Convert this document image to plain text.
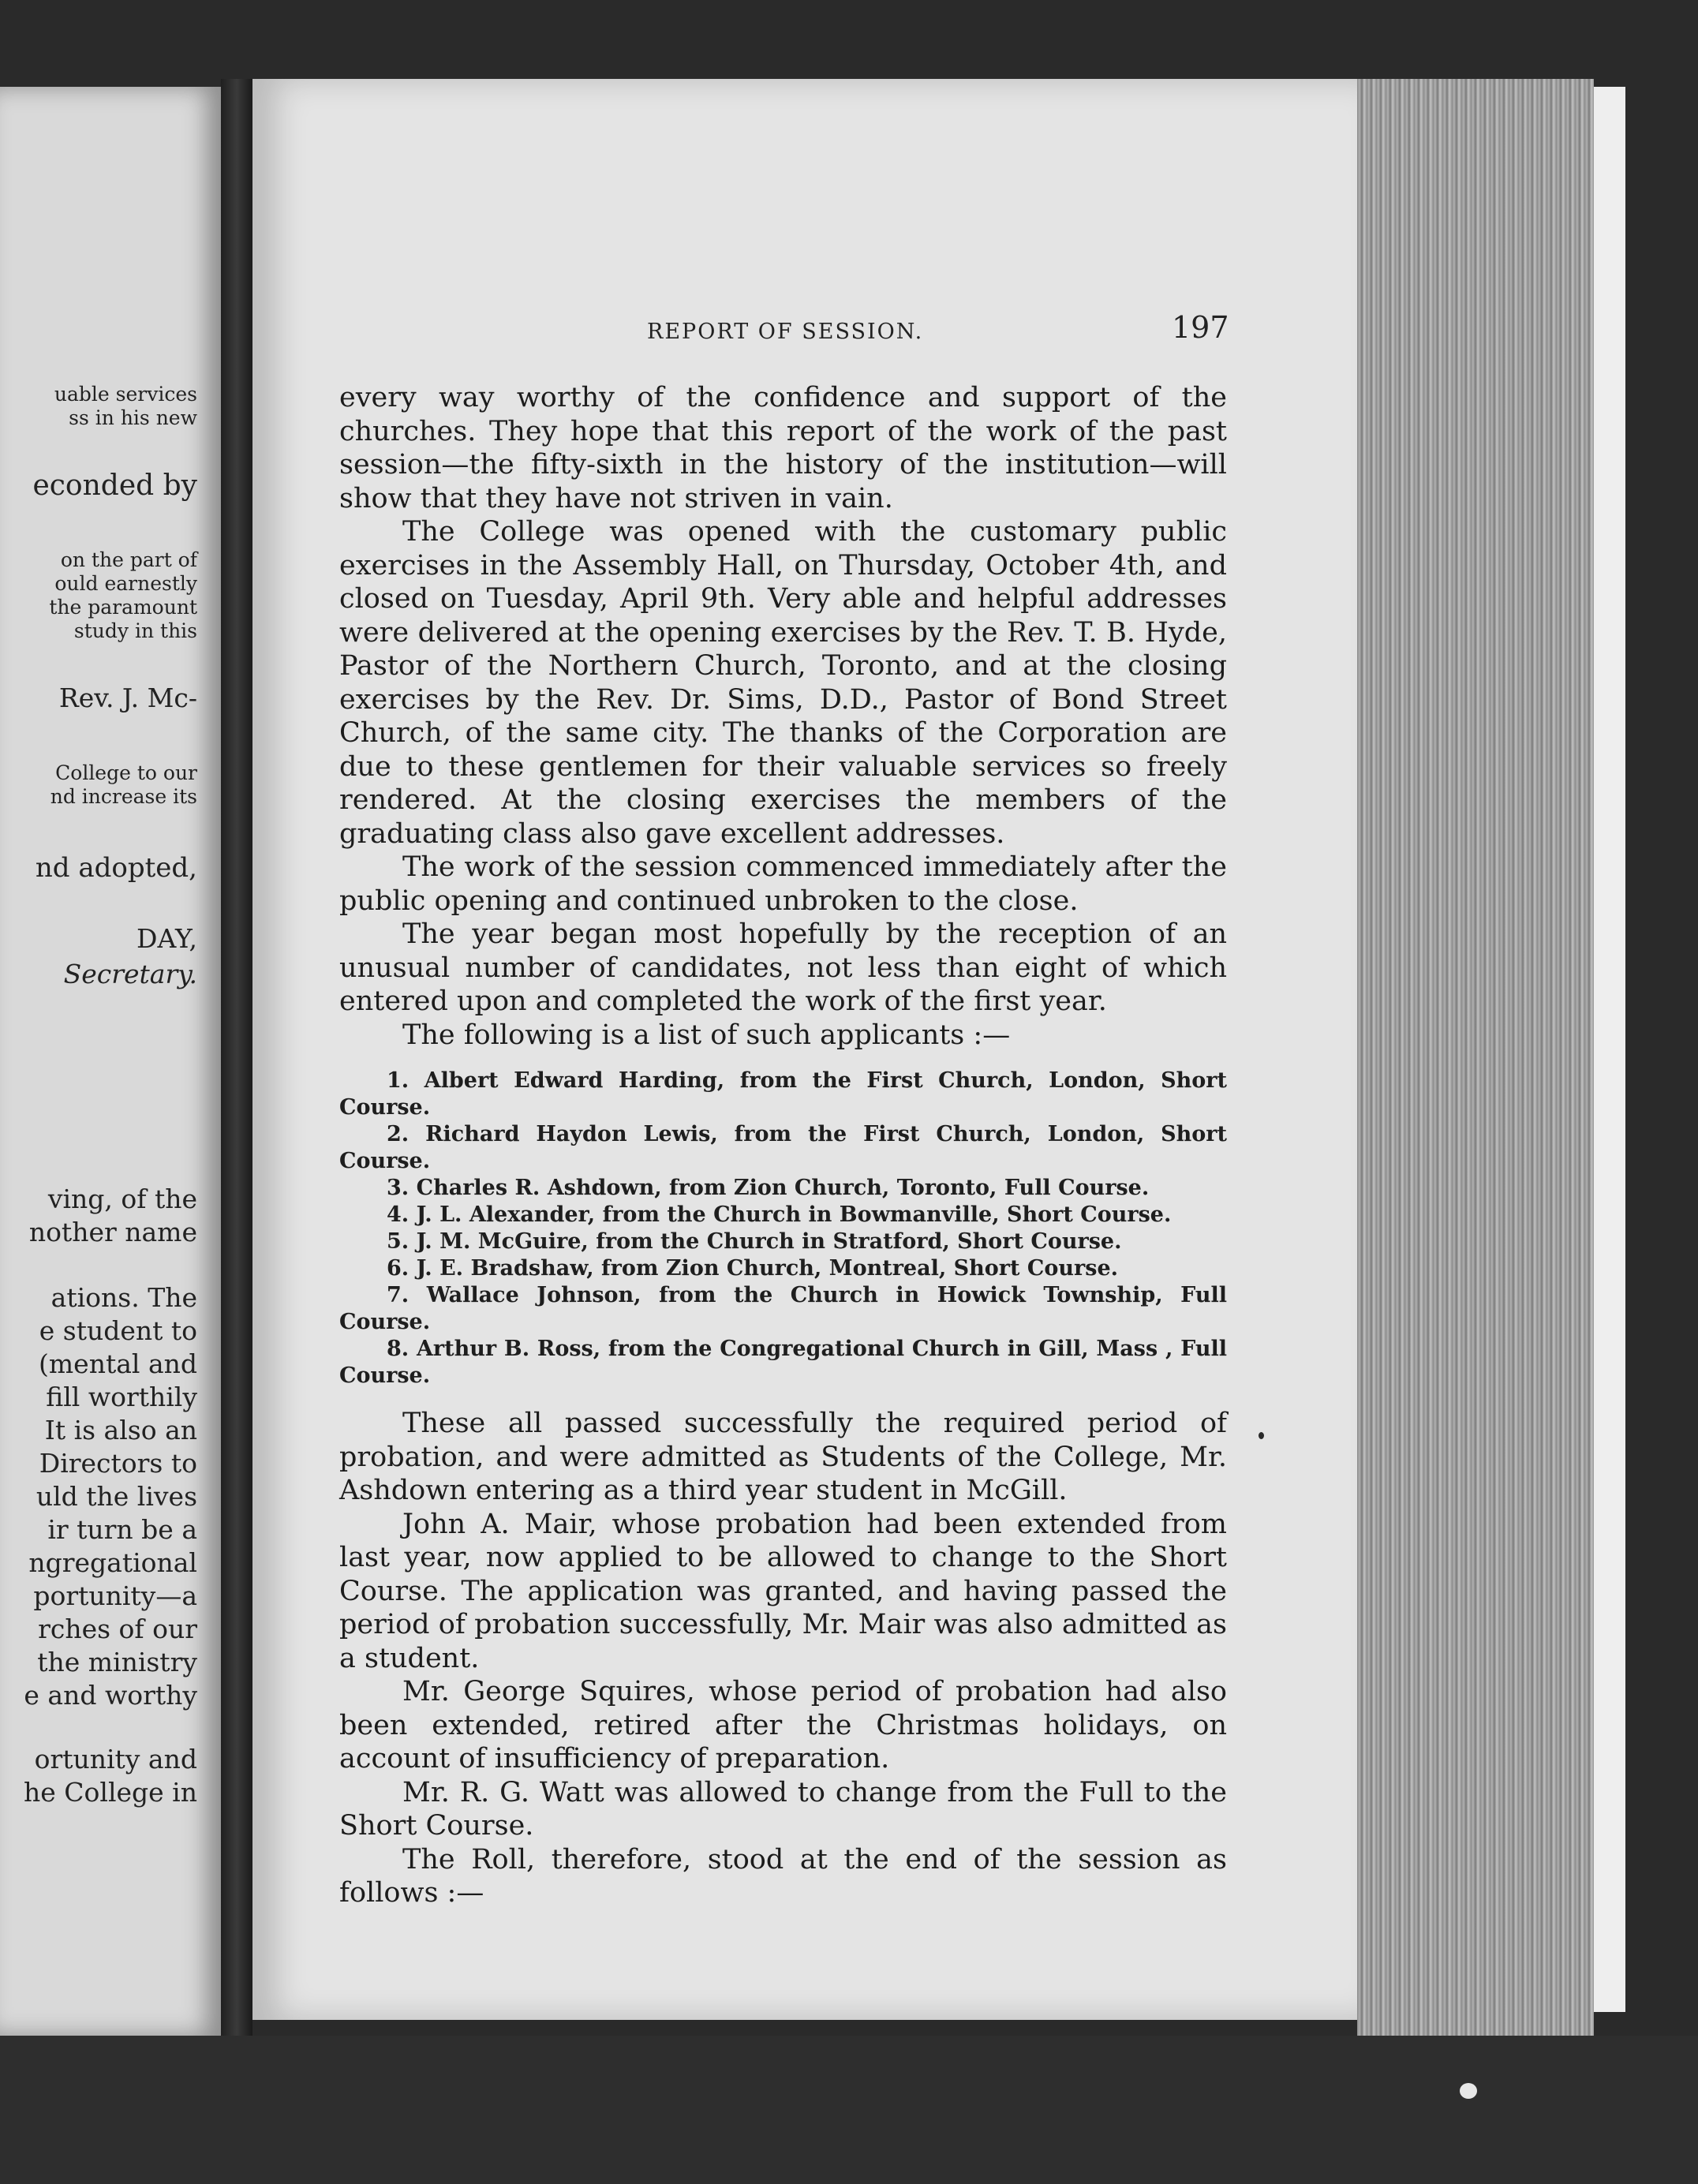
uable services
ss in his new
econded by
on the part of
ould earnestly
the paramount
study in this
Rev. J. Mc-
College to our
nd increase its
nd adopted,
DAY,
Secretary.
ving, of the
nother name
ations. The
e student to
(mental and
fill worthily
It is also an
Directors to
uld the lives
ir turn be a
ngregational
portunity—a
rches of our
the ministry
e and worthy
ortunity and
he College in
REPORT OF SESSION.	197

every way worthy of the confidence and support of the churches. They hope that this report of the work of the past session—the fifty-sixth in the history of the institution—will show that they have not striven in vain.

The College was opened with the customary public exercises in the Assembly Hall, on Thursday, October 4th, and closed on Tuesday, April 9th. Very able and helpful addresses were delivered at the opening exercises by the Rev. T. B. Hyde, Pastor of the Northern Church, Toronto, and at the closing exercises by the Rev. Dr. Sims, D.D., Pastor of Bond Street Church, of the same city. The thanks of the Corporation are due to these gentlemen for their valuable services so freely rendered. At the closing exercises the members of the graduating class also gave excellent addresses.

The work of the session commenced immediately after the public opening and continued unbroken to the close.

The year began most hopefully by the reception of an unusual number of candidates, not less than eight of which entered upon and completed the work of the first year.

The following is a list of such applicants :—

1. Albert Edward Harding, from the First Church, London, Short Course.
2. Richard Haydon Lewis, from the First Church, London, Short Course.
3. Charles R. Ashdown, from Zion Church, Toronto, Full Course.
4. J. L. Alexander, from the Church in Bowmanville, Short Course.
5. J. M. McGuire, from the Church in Stratford, Short Course.
6. J. E. Bradshaw, from Zion Church, Montreal, Short Course.
7. Wallace Johnson, from the Church in Howick Township, Full Course.
8. Arthur B. Ross, from the Congregational Church in Gill, Mass , Full Course.

These all passed successfully the required period of probation, and were admitted as Students of the College, Mr. Ashdown entering as a third year student in McGill.

John A. Mair, whose probation had been extended from last year, now applied to be allowed to change to the Short Course. The application was granted, and having passed the period of probation successfully, Mr. Mair was also admitted as a student.

Mr. George Squires, whose period of probation had also been extended, retired after the Christmas holidays, on account of insufficiency of preparation.

Mr. R. G. Watt was allowed to change from the Full to the Short Course.

The Roll, therefore, stood at the end of the session as follows :—
